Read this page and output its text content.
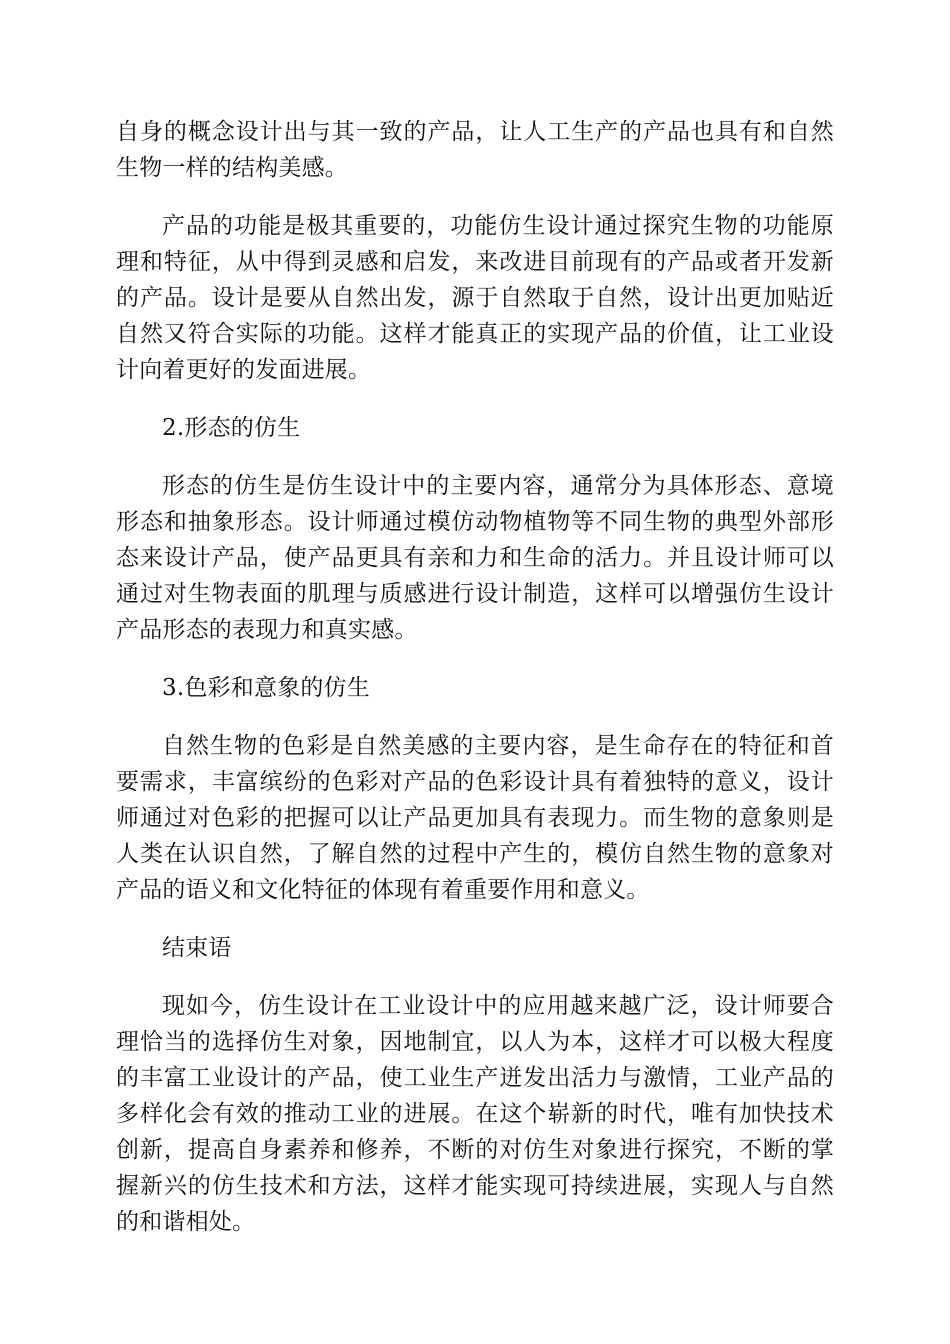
自身的概念设计出与其一致的产品，让人工生产的产品也具有和自然生物一样的结构美感。

产品的功能是极其重要的，功能仿生设计通过探究生物的功能原理和特征，从中得到灵感和启发，来改进目前现有的产品或者开发新的产品。设计是要从自然出发，源于自然取于自然，设计出更加贴近自然又符合实际的功能。这样才能真正的实现产品的价值，让工业设计向着更好的发面进展。

2.形态的仿生

形态的仿生是仿生设计中的主要内容，通常分为具体形态、意境形态和抽象形态。设计师通过模仿动物植物等不同生物的典型外部形态来设计产品，使产品更具有亲和力和生命的活力。并且设计师可以通过对生物表面的肌理与质感进行设计制造，这样可以增强仿生设计产品形态的表现力和真实感。

3.色彩和意象的仿生

自然生物的色彩是自然美感的主要内容，是生命存在的特征和首要需求，丰富缤纷的色彩对产品的色彩设计具有着独特的意义，设计师通过对色彩的把握可以让产品更加具有表现力。而生物的意象则是人类在认识自然，了解自然的过程中产生的，模仿自然生物的意象对产品的语义和文化特征的体现有着重要作用和意义。

结束语

现如今，仿生设计在工业设计中的应用越来越广泛，设计师要合理恰当的选择仿生对象，因地制宜，以人为本，这样才可以极大程度的丰富工业设计的产品，使工业生产迸发出活力与激情，工业产品的多样化会有效的推动工业的进展。在这个崭新的时代，唯有加快技术创新，提高自身素养和修养，不断的对仿生对象进行探究，不断的掌握新兴的仿生技术和方法，这样才能实现可持续进展，实现人与自然的和谐相处。
